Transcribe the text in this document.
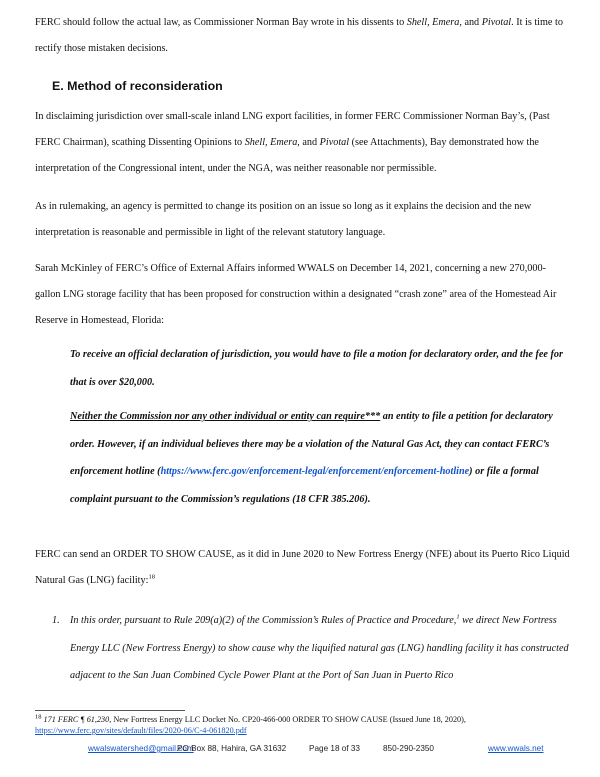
FERC should follow the actual law, as Commissioner Norman Bay wrote in his dissents to Shell, Emera, and Pivotal. It is time to rectify those mistaken decisions.

E. Method of reconsideration

In disclaiming jurisdiction over small-scale inland LNG export facilities, in former FERC Commissioner Norman Bay’s, (Past FERC Chairman), scathing Dissenting Opinions to Shell, Emera, and Pivotal (see Attachments), Bay demonstrated how the interpretation of the Congressional intent, under the NGA, was neither reasonable nor permissible.

As in rulemaking, an agency is permitted to change its position on an issue so long as it explains the decision and the new interpretation is reasonable and permissible in light of the relevant statutory language.

Sarah McKinley of FERC’s Office of External Affairs informed WWALS on December 14, 2021, concerning a new 270,000-gallon LNG storage facility that has been proposed for construction within a designated “crash zone” area of the Homestead Air Reserve in Homestead, Florida:

To receive an official declaration of jurisdiction, you would have to file a motion for declaratory order, and the fee for that is over $20,000.

Neither the Commission nor any other individual or entity can require*** an entity to file a petition for declaratory order. However, if an individual believes there may be a violation of the Natural Gas Act, they can contact FERC’s enforcement hotline (https://www.ferc.gov/enforcement-legal/enforcement/enforcement-hotline) or file a formal complaint pursuant to the Commission’s regulations (18 CFR 385.206).

FERC can send an ORDER TO SHOW CAUSE, as it did in June 2020 to New Fortress Energy (NFE) about its Puerto Rico Liquid Natural Gas (LNG) facility:$^{18}$

1. In this order, pursuant to Rule 209(a)(2) of the Commission’s Rules of Practice and Procedure,$^1$ we direct New Fortress Energy LLC (New Fortress Energy) to show cause why the liquified natural gas (LNG) handling facility it has constructed adjacent to the San Juan Combined Cycle Power Plant at the Port of San Juan in Puerto Rico

$^{18}$ 171 FERC ¶ 61,230, New Fortress Energy LLC Docket No. CP20-466-000 ORDER TO SHOW CAUSE (Issued June 18, 2020), https://www.ferc.gov/sites/default/files/2020-06/C-4-061820.pdf

wwalswatershed@gmail.com
PO Box 88, Hahira, GA 31632	Page 18 of 33	850-290-2350	www.wwals.net
